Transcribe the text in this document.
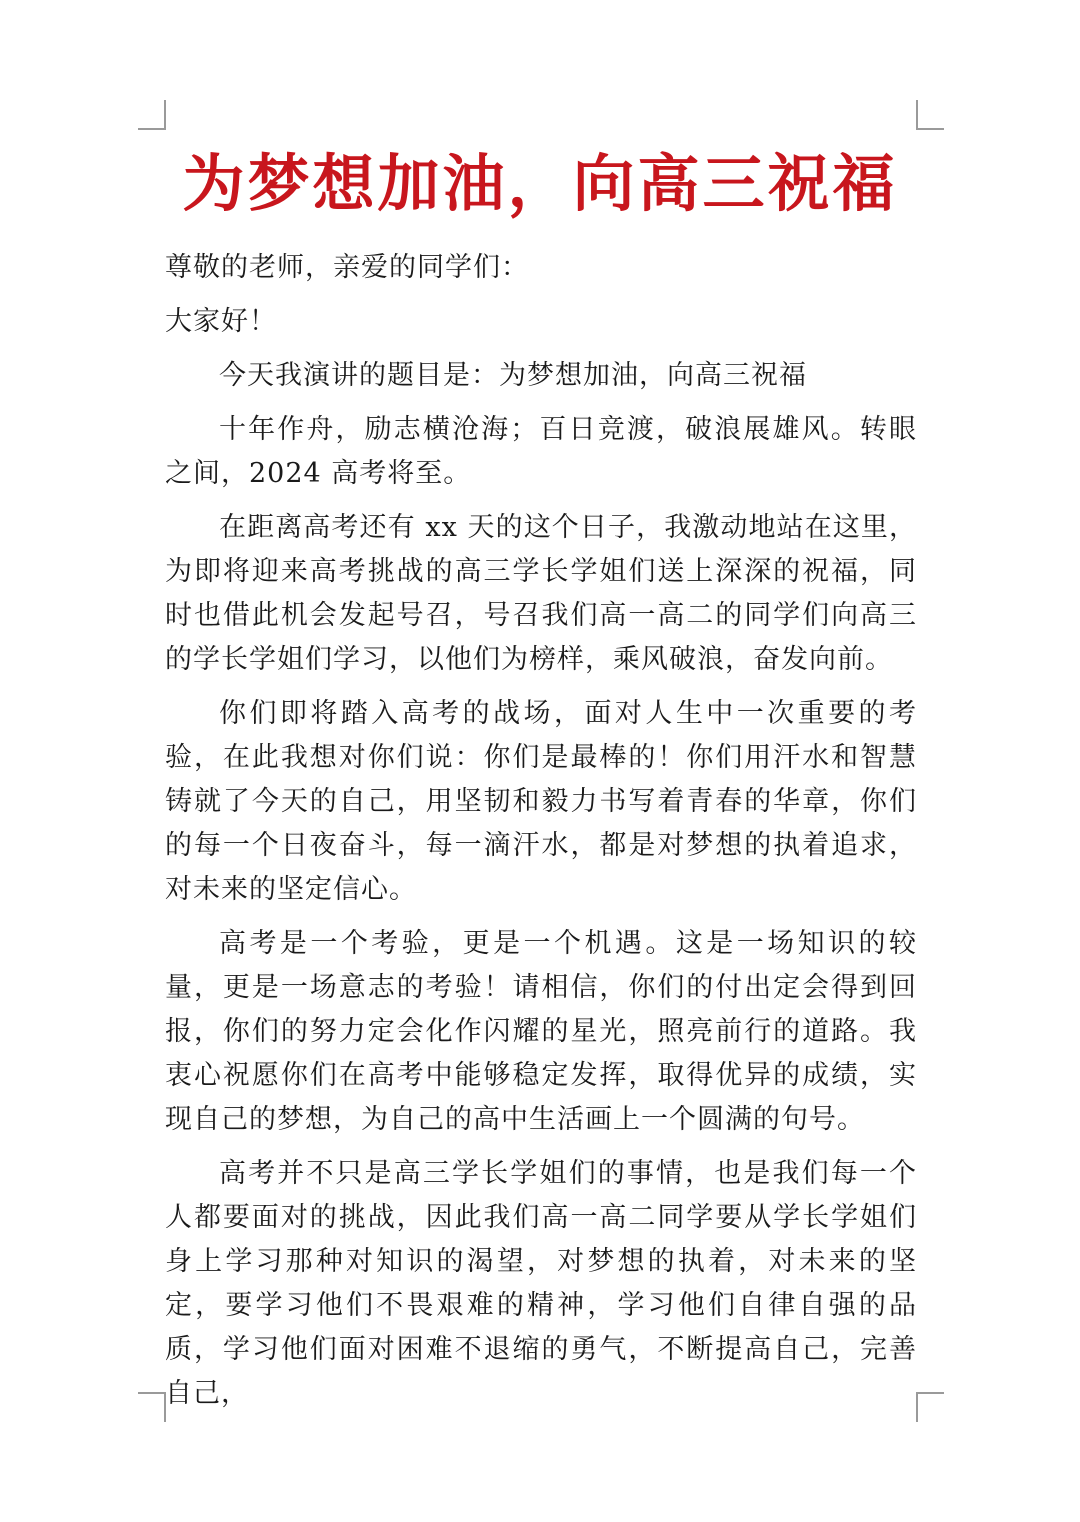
为梦想加油，向高三祝福

尊敬的老师，亲爱的同学们：

大家好！

今天我演讲的题目是：为梦想加油，向高三祝福

十年作舟，励志横沧海；百日竞渡，破浪展雄风。转眼之间，2024 高考将至。

在距离高考还有 xx 天的这个日子，我激动地站在这里，为即将迎来高考挑战的高三学长学姐们送上深深的祝福，同时也借此机会发起号召，号召我们高一高二的同学们向高三的学长学姐们学习，以他们为榜样，乘风破浪，奋发向前。

你们即将踏入高考的战场，面对人生中一次重要的考验，在此我想对你们说：你们是最棒的！你们用汗水和智慧铸就了今天的自己，用坚韧和毅力书写着青春的华章，你们的每一个日夜奋斗，每一滴汗水，都是对梦想的执着追求，对未来的坚定信心。

高考是一个考验，更是一个机遇。这是一场知识的较量，更是一场意志的考验！请相信，你们的付出定会得到回报，你们的努力定会化作闪耀的星光，照亮前行的道路。我衷心祝愿你们在高考中能够稳定发挥，取得优异的成绩，实现自己的梦想，为自己的高中生活画上一个圆满的句号。

高考并不只是高三学长学姐们的事情，也是我们每一个人都要面对的挑战，因此我们高一高二同学要从学长学姐们身上学习那种对知识的渴望，对梦想的执着，对未来的坚定，要学习他们不畏艰难的精神，学习他们自律自强的品质，学习他们面对困难不退缩的勇气，不断提高自己，完善自己，
